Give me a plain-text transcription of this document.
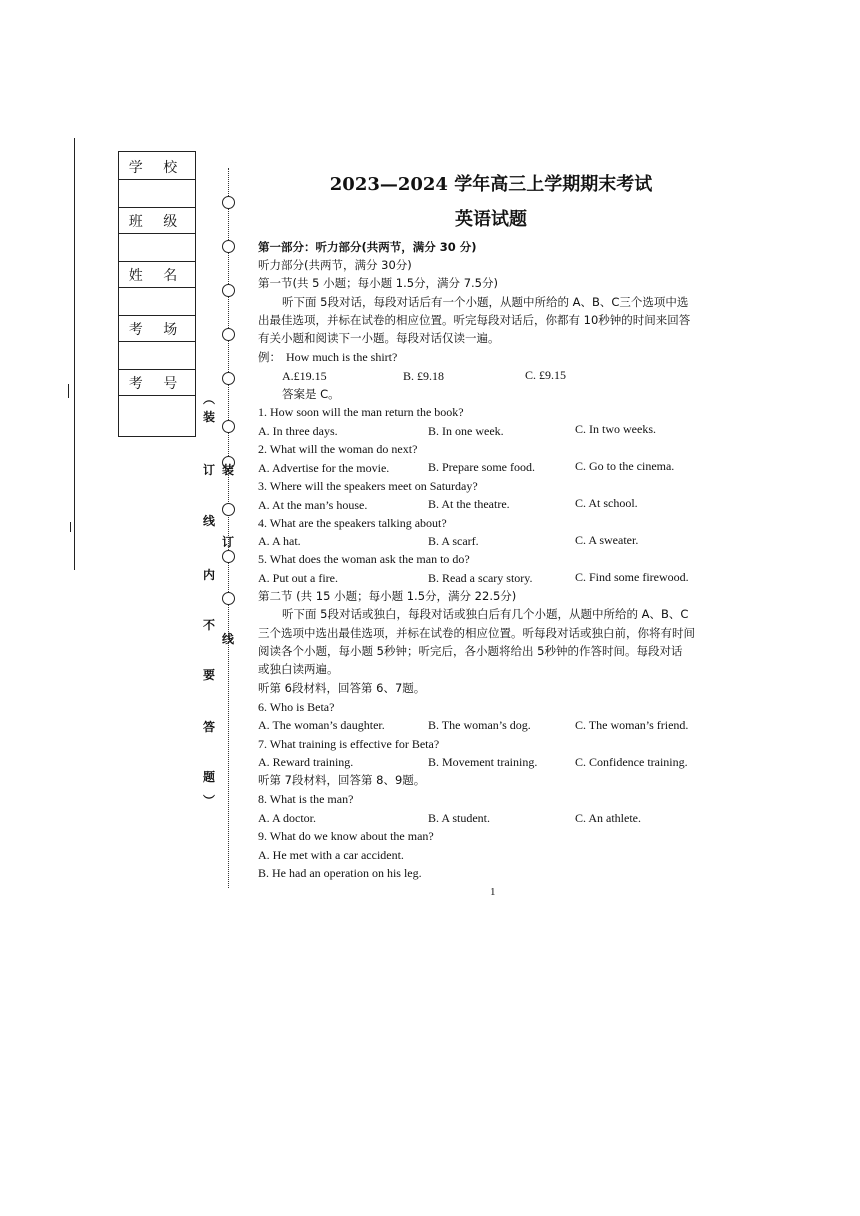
学 校
班 级
姓 名
考 场
考 号
︵
装
订 装
线
订
内
不
线
要
答
题
︶
2023—2024 学年高三上学期期末考试
英语试题
第一部分：听力部分(共两节，满分 30 分)
听力部分(共两节，满分 30分)
第一节(共 5 小题；每小题 1.5分，满分 7.5分)
听下面 5段对话，每段对话后有一个小题，从题中所给的 A、B、C三个选项中选
出最佳选项，并标在试卷的相应位置。听完每段对话后，你都有 10秒钟的时间来回答
有关小题和阅读下一小题。每段对话仅读一遍。
例： How much is the shirt?
A.£19.15	B. £9.18	C. £9.15
答案是 C。
1. How soon will the man return the book?
A. In three days.	B. In one week.	C. In two weeks.
2. What will the woman do next?
A. Advertise for the movie.	B. Prepare some food.	C. Go to the cinema.
3. Where will the speakers meet on Saturday?
A. At the man’s house.	B. At the theatre.	C. At school.
4. What are the speakers talking about?
A. A hat.	B. A scarf.	C. A sweater.
5. What does the woman ask the man to do?
A. Put out a fire.	B. Read a scary story.	C. Find some firewood.
第二节 (共 15 小题；每小题 1.5分，满分 22.5分)
听下面 5段对话或独白，每段对话或独白后有几个小题，从题中所给的 A、B、C
三个选项中选出最佳选项，并标在试卷的相应位置。听每段对话或独白前，你将有时间
阅读各个小题，每小题 5秒钟；听完后，各小题将给出 5秒钟的作答时间。每段对话
或独白读两遍。
听第 6段材料，回答第 6、7题。
6. Who is Beta?
A. The woman’s daughter.	B. The woman’s dog.	C. The woman’s friend.
7. What training is effective for Beta?
A. Reward training.	B. Movement training.	C. Confidence training.
听第 7段材料，回答第 8、9题。
8. What is the man?
A. A doctor.	B. A student.	C. An athlete.
9. What do we know about the man?
A. He met with a car accident.
B. He had an operation on his leg.
1
